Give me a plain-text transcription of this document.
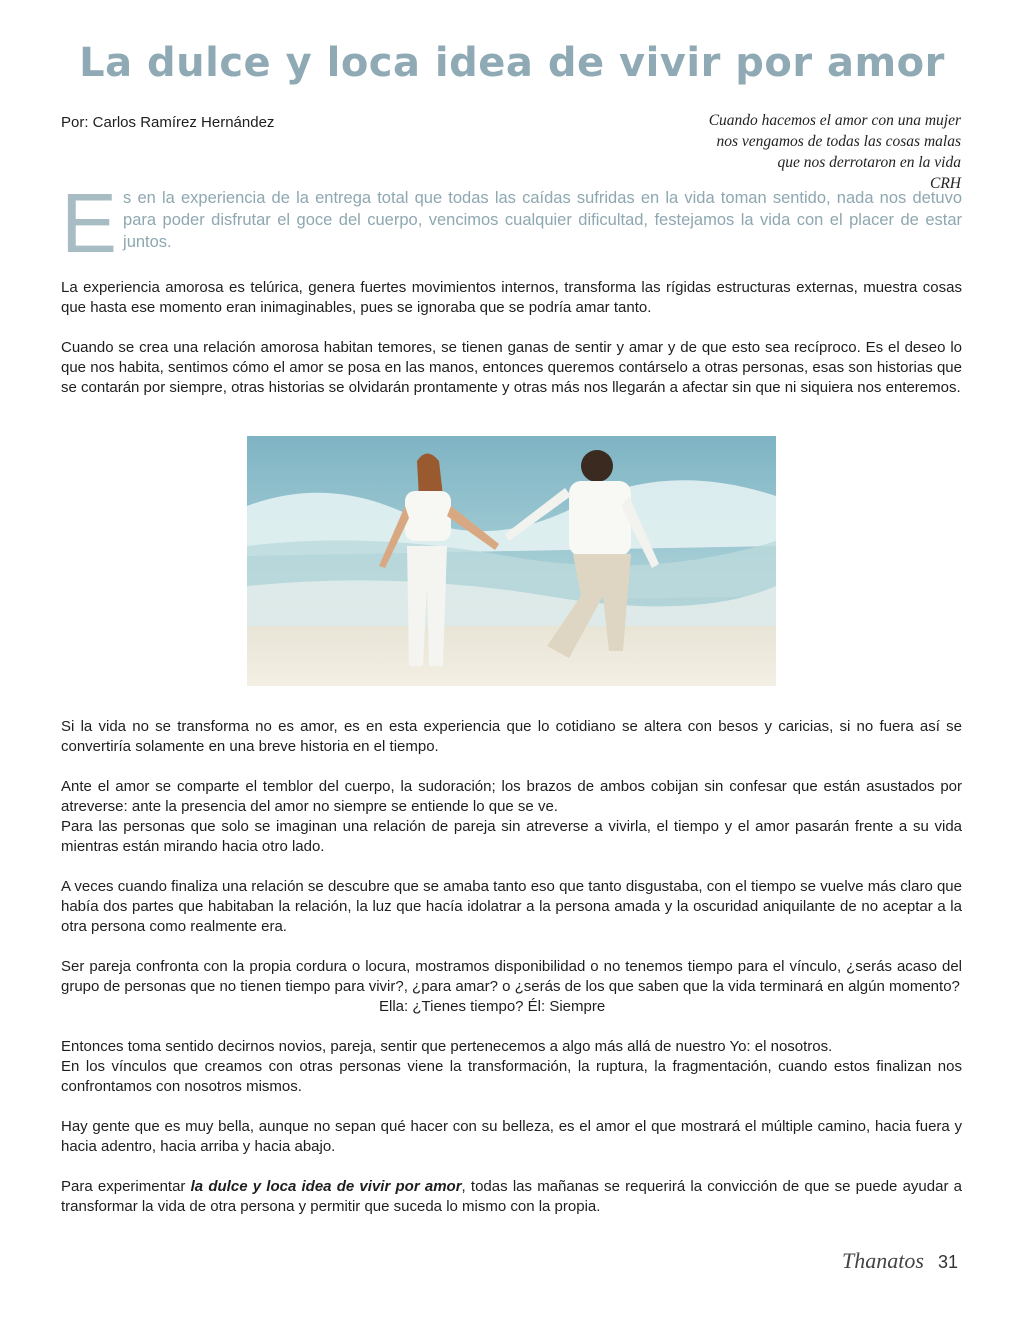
La dulce y loca idea de vivir por amor
Por: Carlos Ramírez Hernández	Cuando hacemos el amor con una mujer
nos vengamos de todas las cosas malas
que nos derrotaron en la vida
CRH
Es en la experiencia de la entrega total que todas las caídas sufridas en la vida toman sentido, nada nos detuvo para poder disfrutar el goce del cuerpo, vencimos cualquier dificultad, festejamos la vida con el placer de estar juntos.

La experiencia amorosa es telúrica, genera fuertes movimientos internos, transforma las rígidas estructuras externas, muestra cosas que hasta ese momento eran inimaginables, pues se ignoraba que se podría amar tanto.

Cuando se crea una relación amorosa habitan temores, se tienen ganas de sentir y amar y de que esto sea recíproco. Es el deseo lo que nos habita, sentimos cómo el amor se posa en las manos, entonces queremos contárselo a otras personas, esas son historias que se contarán por siempre, otras historias se olvidarán prontamente y otras más nos llegarán a afectar sin que ni siquiera nos enteremos.

Si la vida no se transforma no es amor, es en esta experiencia que lo cotidiano se altera con besos y caricias, si no fuera así se convertiría solamente en una breve historia en el tiempo.

Ante el amor se comparte el temblor del cuerpo, la sudoración; los brazos de ambos cobijan sin confesar que están asustados por atreverse: ante la presencia del amor no siempre se entiende lo que se ve.

Para las personas que solo se imaginan una relación de pareja sin atreverse a vivirla, el tiempo y el amor pasarán frente a su vida mientras están mirando hacia otro lado.

A veces cuando finaliza una relación se descubre que se amaba tanto eso que tanto disgustaba, con el tiempo se vuelve más claro que había dos partes que habitaban la relación, la luz que hacía idolatrar a la persona amada y la oscuridad aniquilante de no aceptar a la otra persona como realmente era.

Ser pareja confronta con la propia cordura o locura, mostramos disponibilidad o no tenemos tiempo para el vínculo, ¿serás acaso del grupo de personas que no tienen tiempo para vivir?, ¿para amar? o ¿serás de los que saben que la vida terminará en algún momento?

Ella: ¿Tienes tiempo? Él: Siempre

Entonces toma sentido decirnos novios, pareja, sentir que pertenecemos a algo más allá de nuestro Yo: el nosotros.

En los vínculos que creamos con otras personas viene la transformación, la ruptura, la fragmentación, cuando estos finalizan nos confrontamos con nosotros mismos.

Hay gente que es muy bella, aunque no sepan qué hacer con su belleza, es el amor el que mostrará el múltiple camino, hacia fuera y hacia adentro, hacia arriba y hacia abajo.

Para experimentar la dulce y loca idea de vivir por amor, todas las mañanas se requerirá la convicción de que se puede ayudar a transformar la vida de otra persona y permitir que suceda lo mismo con la propia.

Thanatos 31
